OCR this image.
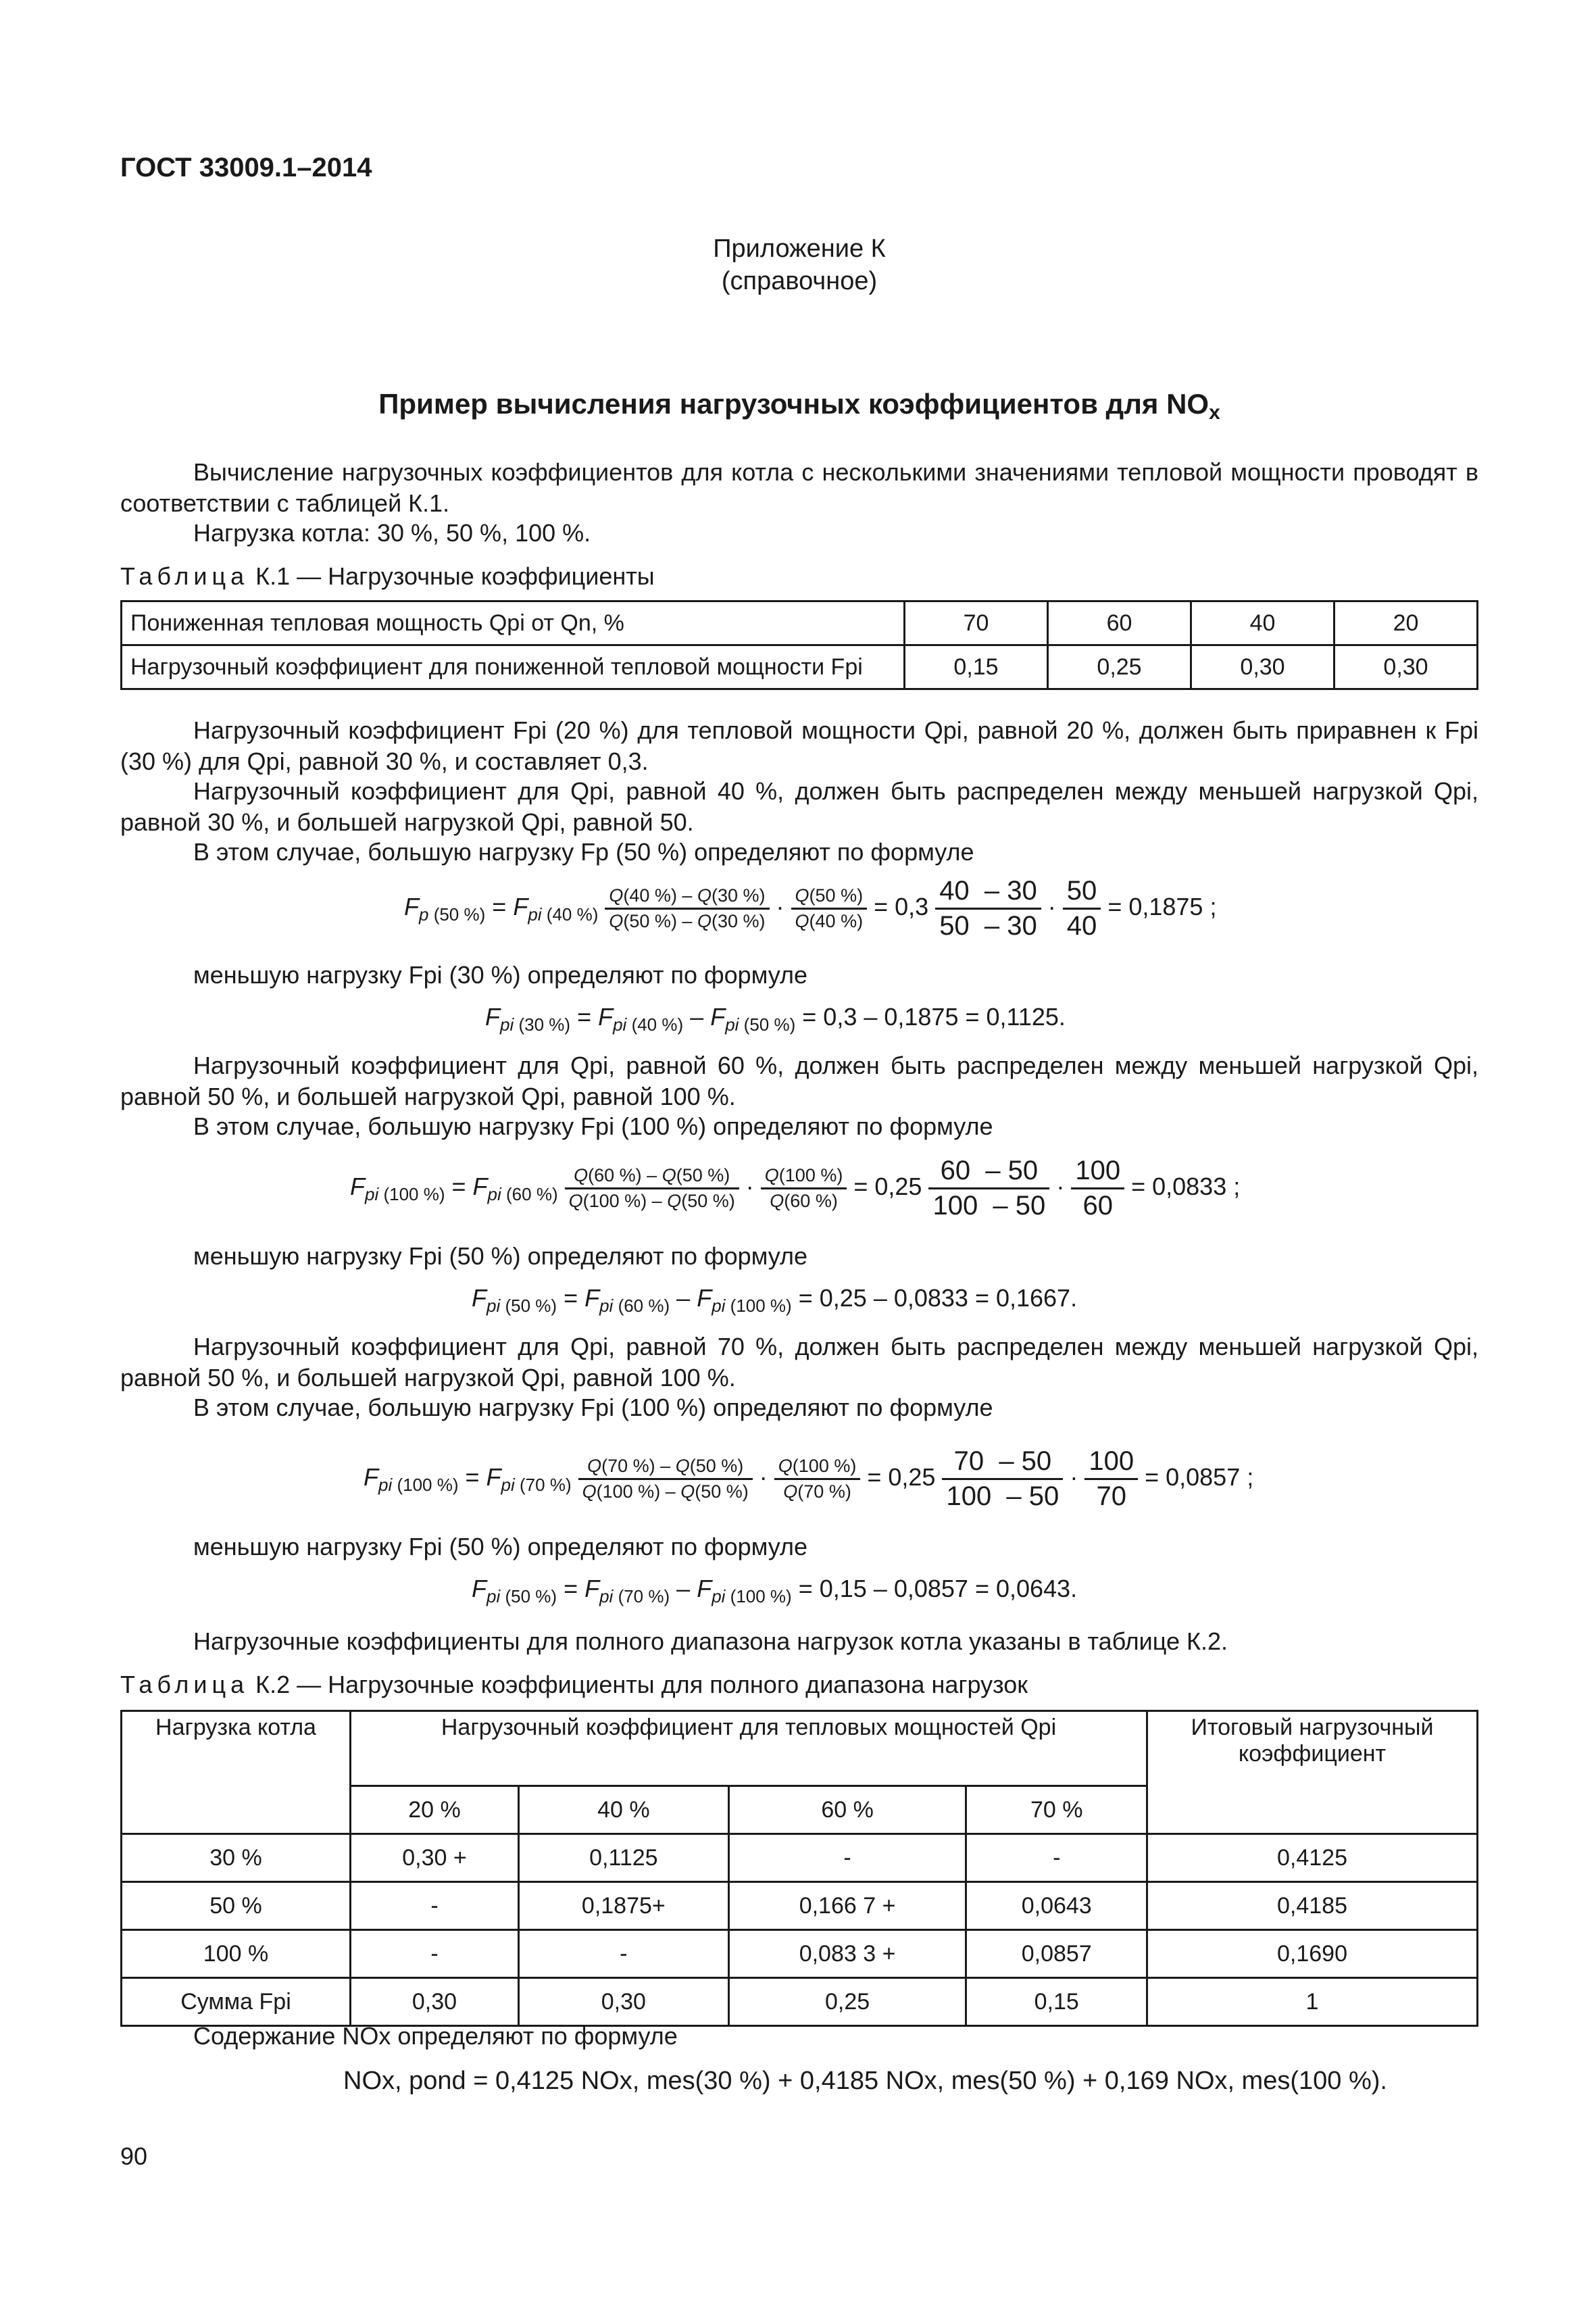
ГОСТ 33009.1–2014
Приложение К
(справочное)
Пример вычисления нагрузочных коэффициентов для $NO_x$
Вычисление нагрузочных коэффициентов для котла с несколькими значениями тепловой мощности проводят в соответствии с таблицей К.1.
Нагрузка котла: 30 %, 50 %, 100 %.
Таблица К.1 — Нагрузочные коэффициенты
Пониженная тепловая мощность Qpi от Qn, %	70	60	40	20
Нагрузочный коэффициент для пониженной тепловой мощности Fpi	0,15	0,25	0,30	0,30
Нагрузочный коэффициент Fpi (20 %) для тепловой мощности Qpi, равной 20 %, должен быть приравнен к Fpi (30 %) для Qpi, равной 30 %, и составляет 0,3.
Нагрузочный коэффициент для Qpi, равной 40 %, должен быть распределен между меньшей нагрузкой Qpi, равной 30 %, и большей нагрузкой Qpi, равной 50.
В этом случае, большую нагрузку Fp (50 %) определяют по формуле
$F_{p (50 \%)} = F_{pi (40 \%)} \frac{Q(40 \%) - Q(30 \%)}{Q(50 \%) - Q(30 \%)} \cdot \frac{Q(50 \%)}{Q(40 \%)} = 0,3 \frac{40 - 30}{50 - 30} \cdot \frac{50}{40} = 0,1875$ ;
меньшую нагрузку Fpi (30 %) определяют по формуле
$F_{pi (30 \%)} = F_{pi (40 \%)} - F_{pi (50 \%)} = 0,3 - 0,1875 = 0,1125$.
Нагрузочный коэффициент для Qpi, равной 60 %, должен быть распределен между меньшей нагрузкой Qpi, равной 50 %, и большей нагрузкой Qpi, равной 100 %.
В этом случае, большую нагрузку Fpi (100 %) определяют по формуле
$F_{pi (100 \%)} = F_{pi (60 \%)} \frac{Q(60 \%) - Q(50 \%)}{Q(100 \%) - Q(50 \%)} \cdot \frac{Q(100 \%)}{Q(60 \%)} = 0,25 \frac{60 - 50}{100 - 50} \cdot \frac{100}{60} = 0,0833$ ;
меньшую нагрузку Fpi (50 %) определяют по формуле
$F_{pi (50 \%)} = F_{pi (60 \%)} - F_{pi (100 \%)} = 0,25 - 0,0833 = 0,1667$.
Нагрузочный коэффициент для Qpi, равной 70 %, должен быть распределен между меньшей нагрузкой Qpi, равной 50 %, и большей нагрузкой Qpi, равной 100 %.
В этом случае, большую нагрузку Fpi (100 %) определяют по формуле
$F_{pi (100 \%)} = F_{pi (70 \%)} \frac{Q(70 \%) - Q(50 \%)}{Q(100 \%) - Q(50 \%)} \cdot \frac{Q(100 \%)}{Q(70 \%)} = 0,25 \frac{70 - 50}{100 - 50} \cdot \frac{100}{70} = 0,0857$ ;
меньшую нагрузку Fpi (50 %) определяют по формуле
$F_{pi (50 \%)} = F_{pi (70 \%)} - F_{pi (100 \%)} = 0,15 - 0,0857 = 0,0643$.
Нагрузочные коэффициенты для полного диапазона нагрузок котла указаны в таблице К.2.
Таблица К.2 — Нагрузочные коэффициенты для полного диапазона нагрузок
Нагрузка котла	Нагрузочный коэффициент для тепловых мощностей Qpi				Итоговый нагрузочный коэффициент
	20 %	40 %	60 %	70 %	
30 %	0,30 +	0,1125	-	-	0,4125
50 %	-	0,1875+	0,166 7 +	0,0643	0,4185
100 %	-	-	0,083 3 +	0,0857	0,1690
Сумма Fpi	0,30	0,30	0,25	0,15	1
Содержание NOx определяют по формуле
NOx, pond = 0,4125 NOx, mes(30 %) + 0,4185 NOx, mes(50 %) + 0,169 NOx, mes(100 %).
90
